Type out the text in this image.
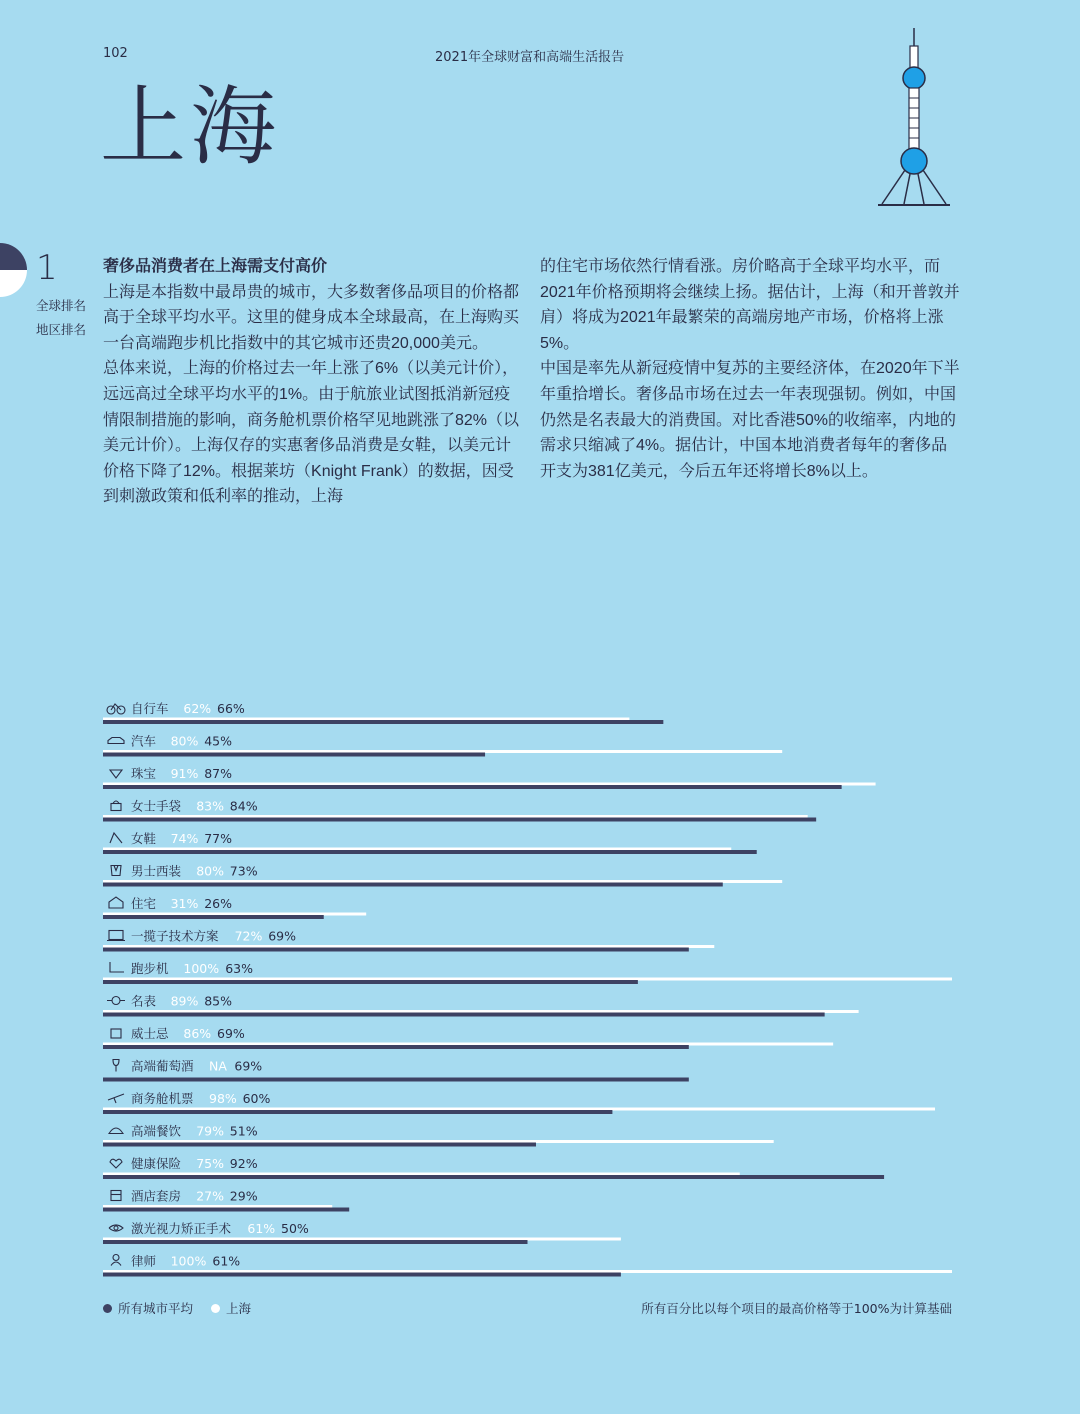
102	2021年全球财富和高端生活报告
上海
1
全球排名
地区排名

奢侈品消费者在上海需支付高价

上海是本指数中最昂贵的城市，大多数奢侈品项目的价格都高于全球平均水平。这里的健身成本全球最高，在上海购买一台高端跑步机比指数中的其它城市还贵20,000美元。

总体来说，上海的价格过去一年上涨了6%（以美元计价），远远高过全球平均水平的1%。由于航旅业试图抵消新冠疫情限制措施的影响，商务舱机票价格罕见地跳涨了82%（以美元计价）。上海仅存的实惠奢侈品消费是女鞋，以美元计价格下降了12%。根据莱坊（Knight Frank）的数据，因受到刺激政策和低利率的推动，上海

的住宅市场依然行情看涨。房价略高于全球平均水平，而2021年价格预期将会继续上扬。据估计，上海（和开普敦并肩）将成为2021年最繁荣的高端房地产市场，价格将上涨5%。

中国是率先从新冠疫情中复苏的主要经济体，在2020年下半年重拾增长。奢侈品市场在过去一年表现强韧。例如，中国仍然是名表最大的消费国。对比香港50%的收缩率，内地的需求只缩减了4%。据估计，中国本地消费者每年的奢侈品开支为381亿美元，今后五年还将增长8%以上。

自行车 62% 66%
汽车 80% 45%
珠宝 91% 87%
女士手袋 83% 84%
女鞋 74% 77%
男士西装 80% 73%
住宅 31% 26%
一揽子技术方案 72% 69%
跑步机 100% 63%
名表 89% 85%
威士忌 86% 69%
高端葡萄酒 NA 69%
商务舱机票 98% 60%
高端餐饮 79% 51%
健康保险 75% 92%
酒店套房 27% 29%
激光视力矫正手术 61% 50%
律师 100% 61%
所有城市平均	上海	所有百分比以每个项目的最高价格等于100%为计算基础
